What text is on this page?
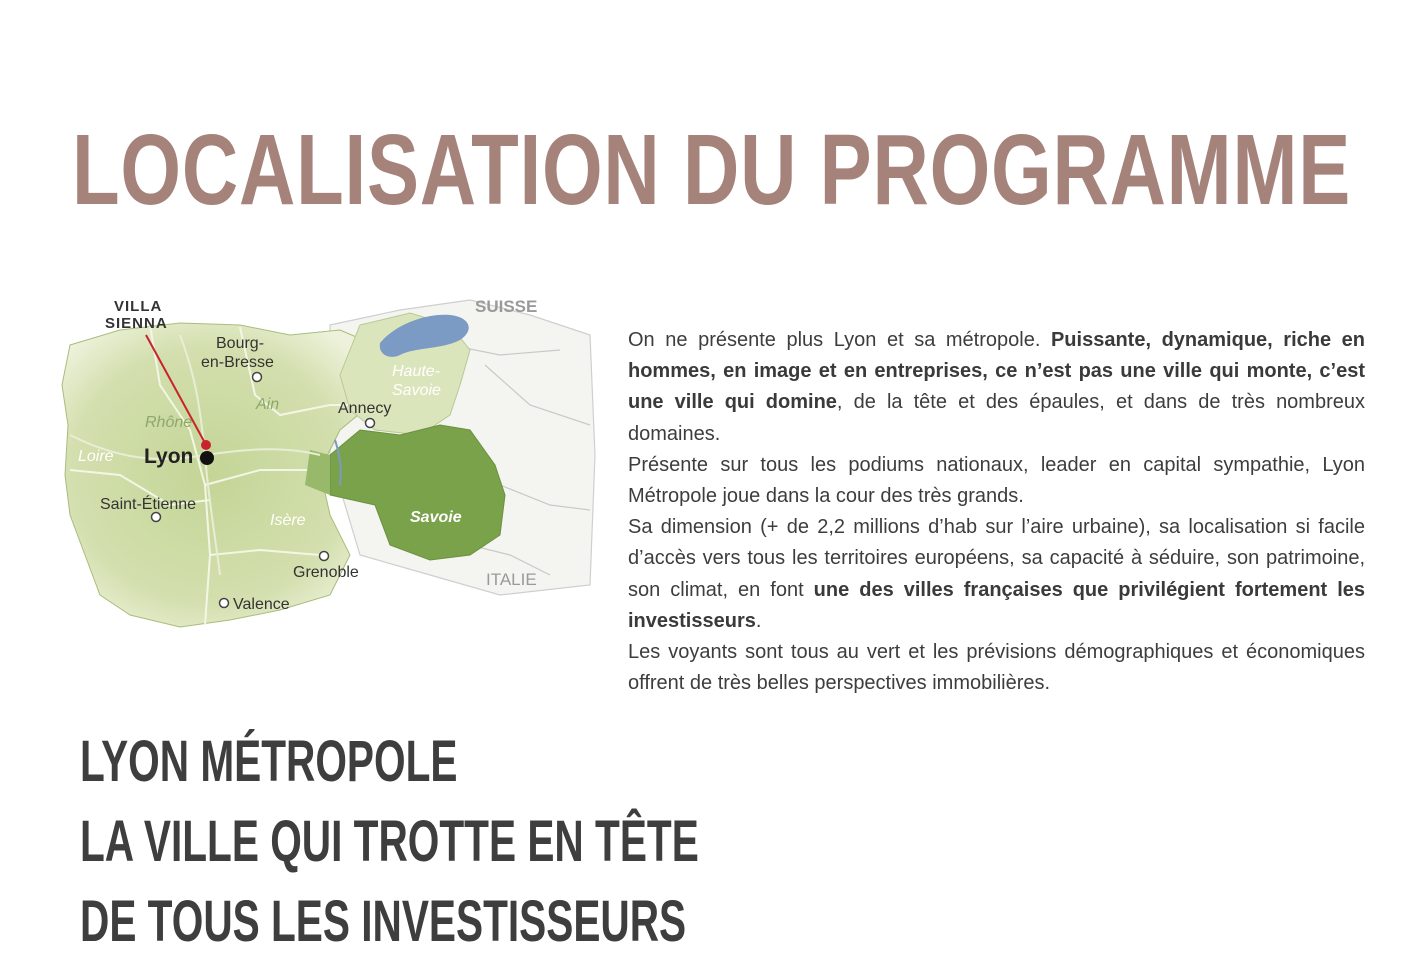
LOCALISATION DU PROGRAMME
SUISSE
ITALIE
Bourg-
en-Bresse
Haute-
Savoie
Ain
Rhône
Annecy
Loire Lyon
Saint-Étienne
Isère	Savoie
Grenoble
Valence
VILLA
SIENNA

On ne présente plus Lyon et sa métropole. Puissante, dynamique, riche en hommes, en image et en entreprises, ce n’est pas une ville qui monte, c’est une ville qui domine, de la tête et des épaules, et dans de très nombreux domaines.

Présente sur tous les podiums nationaux, leader en capital sympathie, Lyon Métropole joue dans la cour des très grands.

Sa dimension (+ de 2,2 millions d’hab sur l’aire urbaine), sa localisation si facile d’accès vers tous les territoires européens, sa capacité à séduire, son patrimoine, son climat, en font une des villes françaises que privilégient fortement les investisseurs.

Les voyants sont tous au vert et les prévisions démographiques et économiques offrent de très belles perspectives immobilières.

LYON MÉTROPOLE
LA VILLE QUI TROTTE EN TÊTE
DE TOUS LES INVESTISSEURS
